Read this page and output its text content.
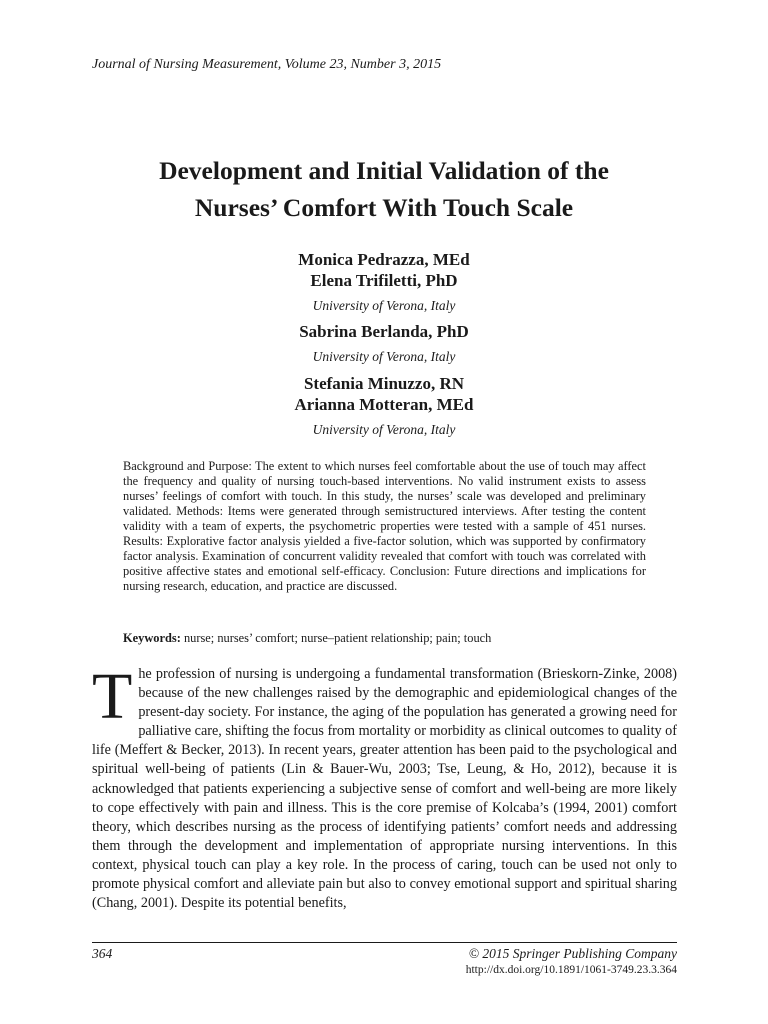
Journal of Nursing Measurement, Volume 23, Number 3, 2015
Development and Initial Validation of the
Nurses’ Comfort With Touch Scale
Monica Pedrazza, MEd
Elena Trifiletti, PhD
University of Verona, Italy
Sabrina Berlanda, PhD
University of Verona, Italy
Stefania Minuzzo, RN
Arianna Motteran, MEd
University of Verona, Italy
Background and Purpose: The extent to which nurses feel comfortable about the use of touch may affect the frequency and quality of nursing touch-based interventions. No valid instrument exists to assess nurses’ feelings of comfort with touch. In this study, the nurses’ scale was developed and preliminary validated. Methods: Items were generated through semistructured interviews. After testing the content validity with a team of experts, the psychometric properties were tested with a sample of 451 nurses. Results: Explorative factor analysis yielded a five-factor solution, which was supported by confirmatory factor analysis. Examination of concurrent validity revealed that comfort with touch was correlated with positive affective states and emotional self-efficacy. Conclusion: Future directions and implications for nursing research, education, and practice are discussed.
Keywords: nurse; nurses’ comfort; nurse–patient relationship; pain; touch
The profession of nursing is undergoing a fundamental transformation (Brieskorn-Zinke, 2008) because of the new challenges raised by the demographic and epidemiological changes of the present-day society. For instance, the aging of the population has generated a growing need for palliative care, shifting the focus from mortality or morbidity as clinical outcomes to quality of life (Meffert & Becker, 2013). In recent years, greater attention has been paid to the psychological and spiritual well-being of patients (Lin & Bauer-Wu, 2003; Tse, Leung, & Ho, 2012), because it is acknowledged that patients experiencing a subjective sense of comfort and well-being are more likely to cope effectively with pain and illness. This is the core premise of Kolcaba’s (1994, 2001) comfort theory, which describes nursing as the process of identifying patients’ comfort needs and addressing them through the development and implementation of appropriate nursing interventions. In this context, physical touch can play a key role. In the process of caring, touch can be used not only to promote physical comfort and alleviate pain but also to convey emotional support and spiritual sharing (Chang, 2001). Despite its potential benefits,
364	© 2015 Springer Publishing Company
http://dx.doi.org/10.1891/1061-3749.23.3.364
